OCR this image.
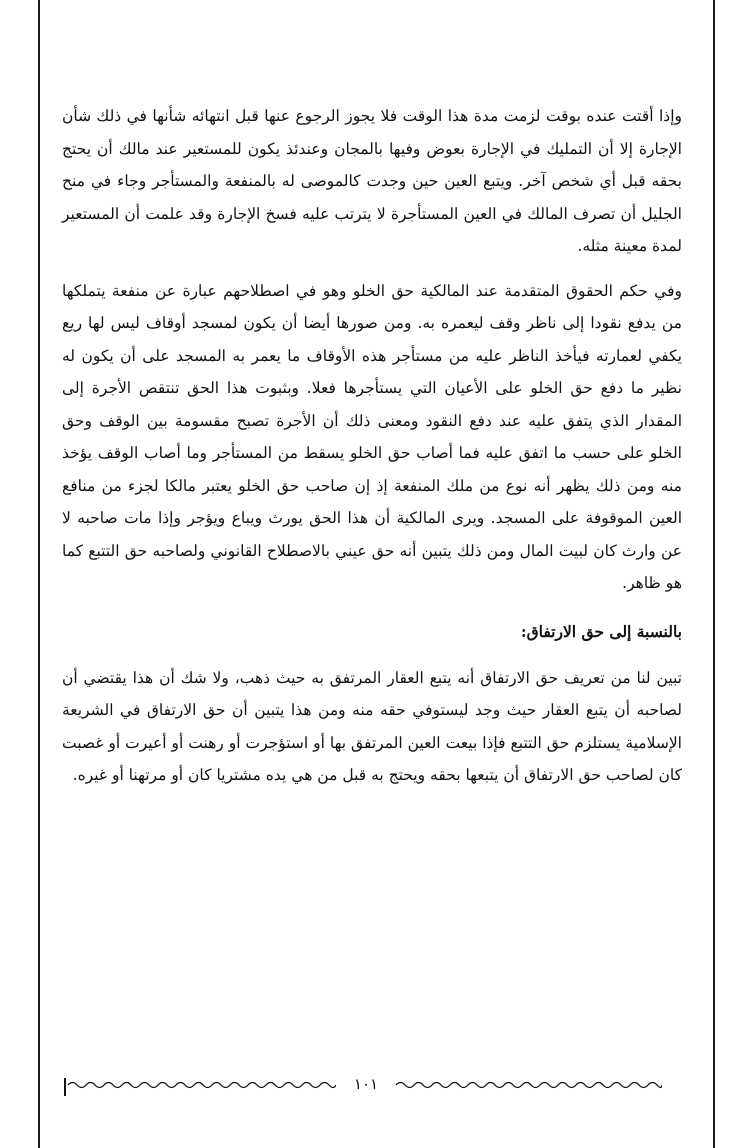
وإذا أقتت عنده بوقت لزمت مدة هذا الوقت فلا يجوز الرجوع عنها قبل انتهائه شأنها في ذلك شأن الإجارة إلا أن التمليك في الإجارة بعوض وفيها بالمجان وعندئذ يكون للمستعير عند مالك أن يحتج بحقه قبل أي شخص آخر. ويتبع العين حين وجدت كالموصى له بالمنفعة والمستأجر وجاء في منح الجليل أن تصرف المالك في العين المستأجرة لا يترتب عليه فسخ الإجارة وقد علمت أن المستعير لمدة معينة مثله.

وفي حكم الحقوق المتقدمة عند المالكية حق الخلو وهو في اصطلاحهم عبارة عن منفعة يتملكها من يدفع نقودا إلى ناظر وقف ليعمره به. ومن صورها أيضا أن يكون لمسجد أوقاف ليس لها ريع يكفي لعمارته فيأخذ الناظر عليه من مستأجر هذه الأوقاف ما يعمر به المسجد على أن يكون له نظير ما دفع حق الخلو على الأعيان التي يستأجرها فعلا. وبثبوت هذا الحق تنتقص الأجرة إلى المقدار الذي يتفق عليه عند دفع النقود ومعنى ذلك أن الأجرة تصبح مقسومة بين الوقف وحق الخلو على حسب ما اتفق عليه فما أصاب حق الخلو يسقط من المستأجر وما أصاب الوقف يؤخذ منه ومن ذلك يظهر أنه نوع من ملك المنفعة إذ إن صاحب حق الخلو يعتبر مالكا لجزء من منافع العين الموقوفة على المسجد. ويرى المالكية أن هذا الحق يورث ويباع ويؤجر وإذا مات صاحبه لا عن وارث كان لبيت المال ومن ذلك يتبين أنه حق عيني بالاصطلاح القانوني ولصاحبه حق التتبع كما هو ظاهر.

بالنسبة إلى حق الارتفاق:

تبين لنا من تعريف حق الارتفاق أنه يتبع العقار المرتفق به حيث ذهب، ولا شك أن هذا يقتضي أن لصاحبه أن يتبع العقار حيث وجد ليستوفي حقه منه ومن هذا يتبين أن حق الارتفاق في الشريعة الإسلامية يستلزم حق التتبع فإذا بيعت العين المرتفق بها أو استؤجرت أو رهنت أو أعيرت أو غصبت كان لصاحب حق الارتفاق أن يتبعها بحقه ويحتج به قبل من هي يده مشتريا كان أو مرتهنا أو غيره.

١٠١
